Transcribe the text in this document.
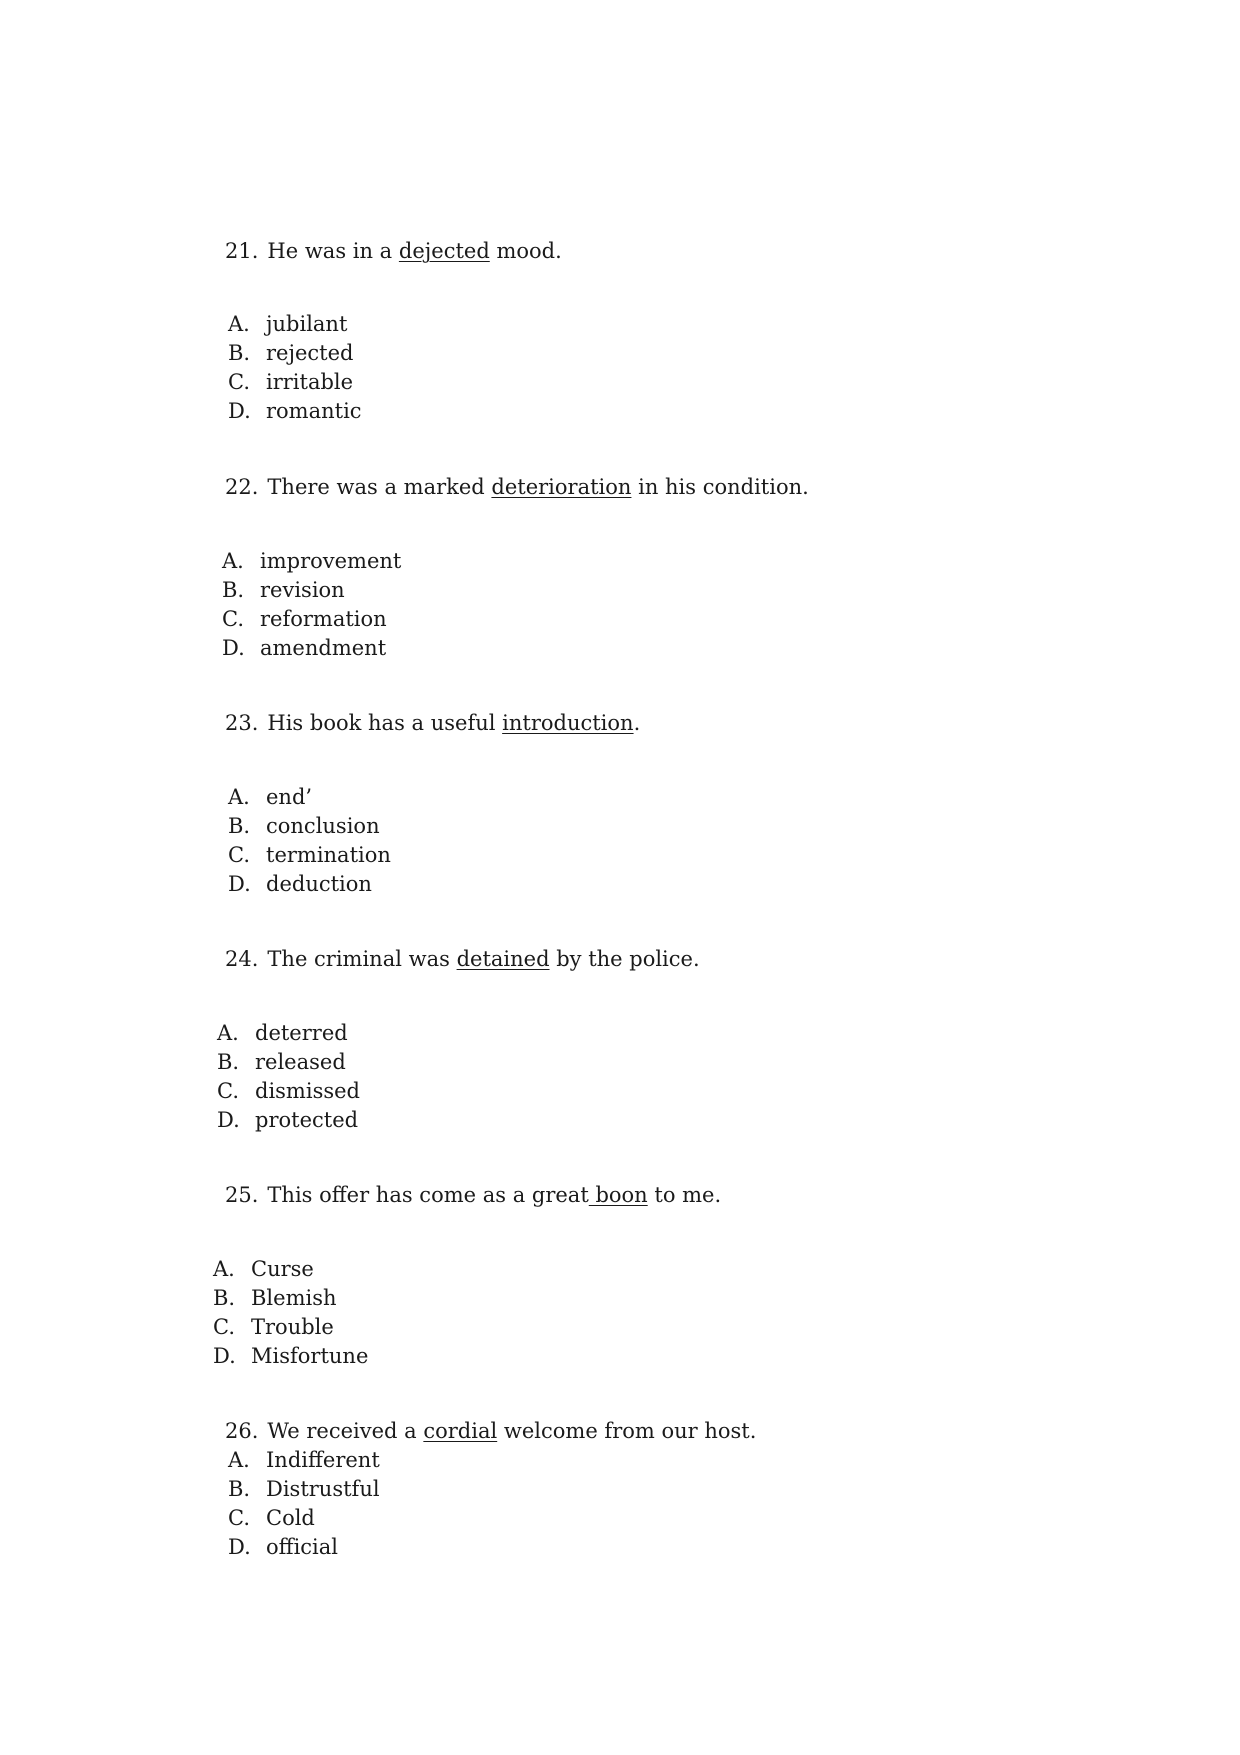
21. He was in a dejected mood.
A. jubilant
B. rejected
C. irritable
D. romantic
22. There was a marked deterioration in his condition.
A. improvement
B. revision
C. reformation
D. amendment
23. His book has a useful introduction.
A. end’
B. conclusion
C. termination
D. deduction
24. The criminal was detained by the police.
A. deterred
B. released
C. dismissed
D. protected
25. This offer has come as a great boon to me.
A. Curse
B. Blemish
C. Trouble
D. Misfortune
26. We received a cordial welcome from our host.
A. Indifferent
B. Distrustful
C. Cold
D. official
